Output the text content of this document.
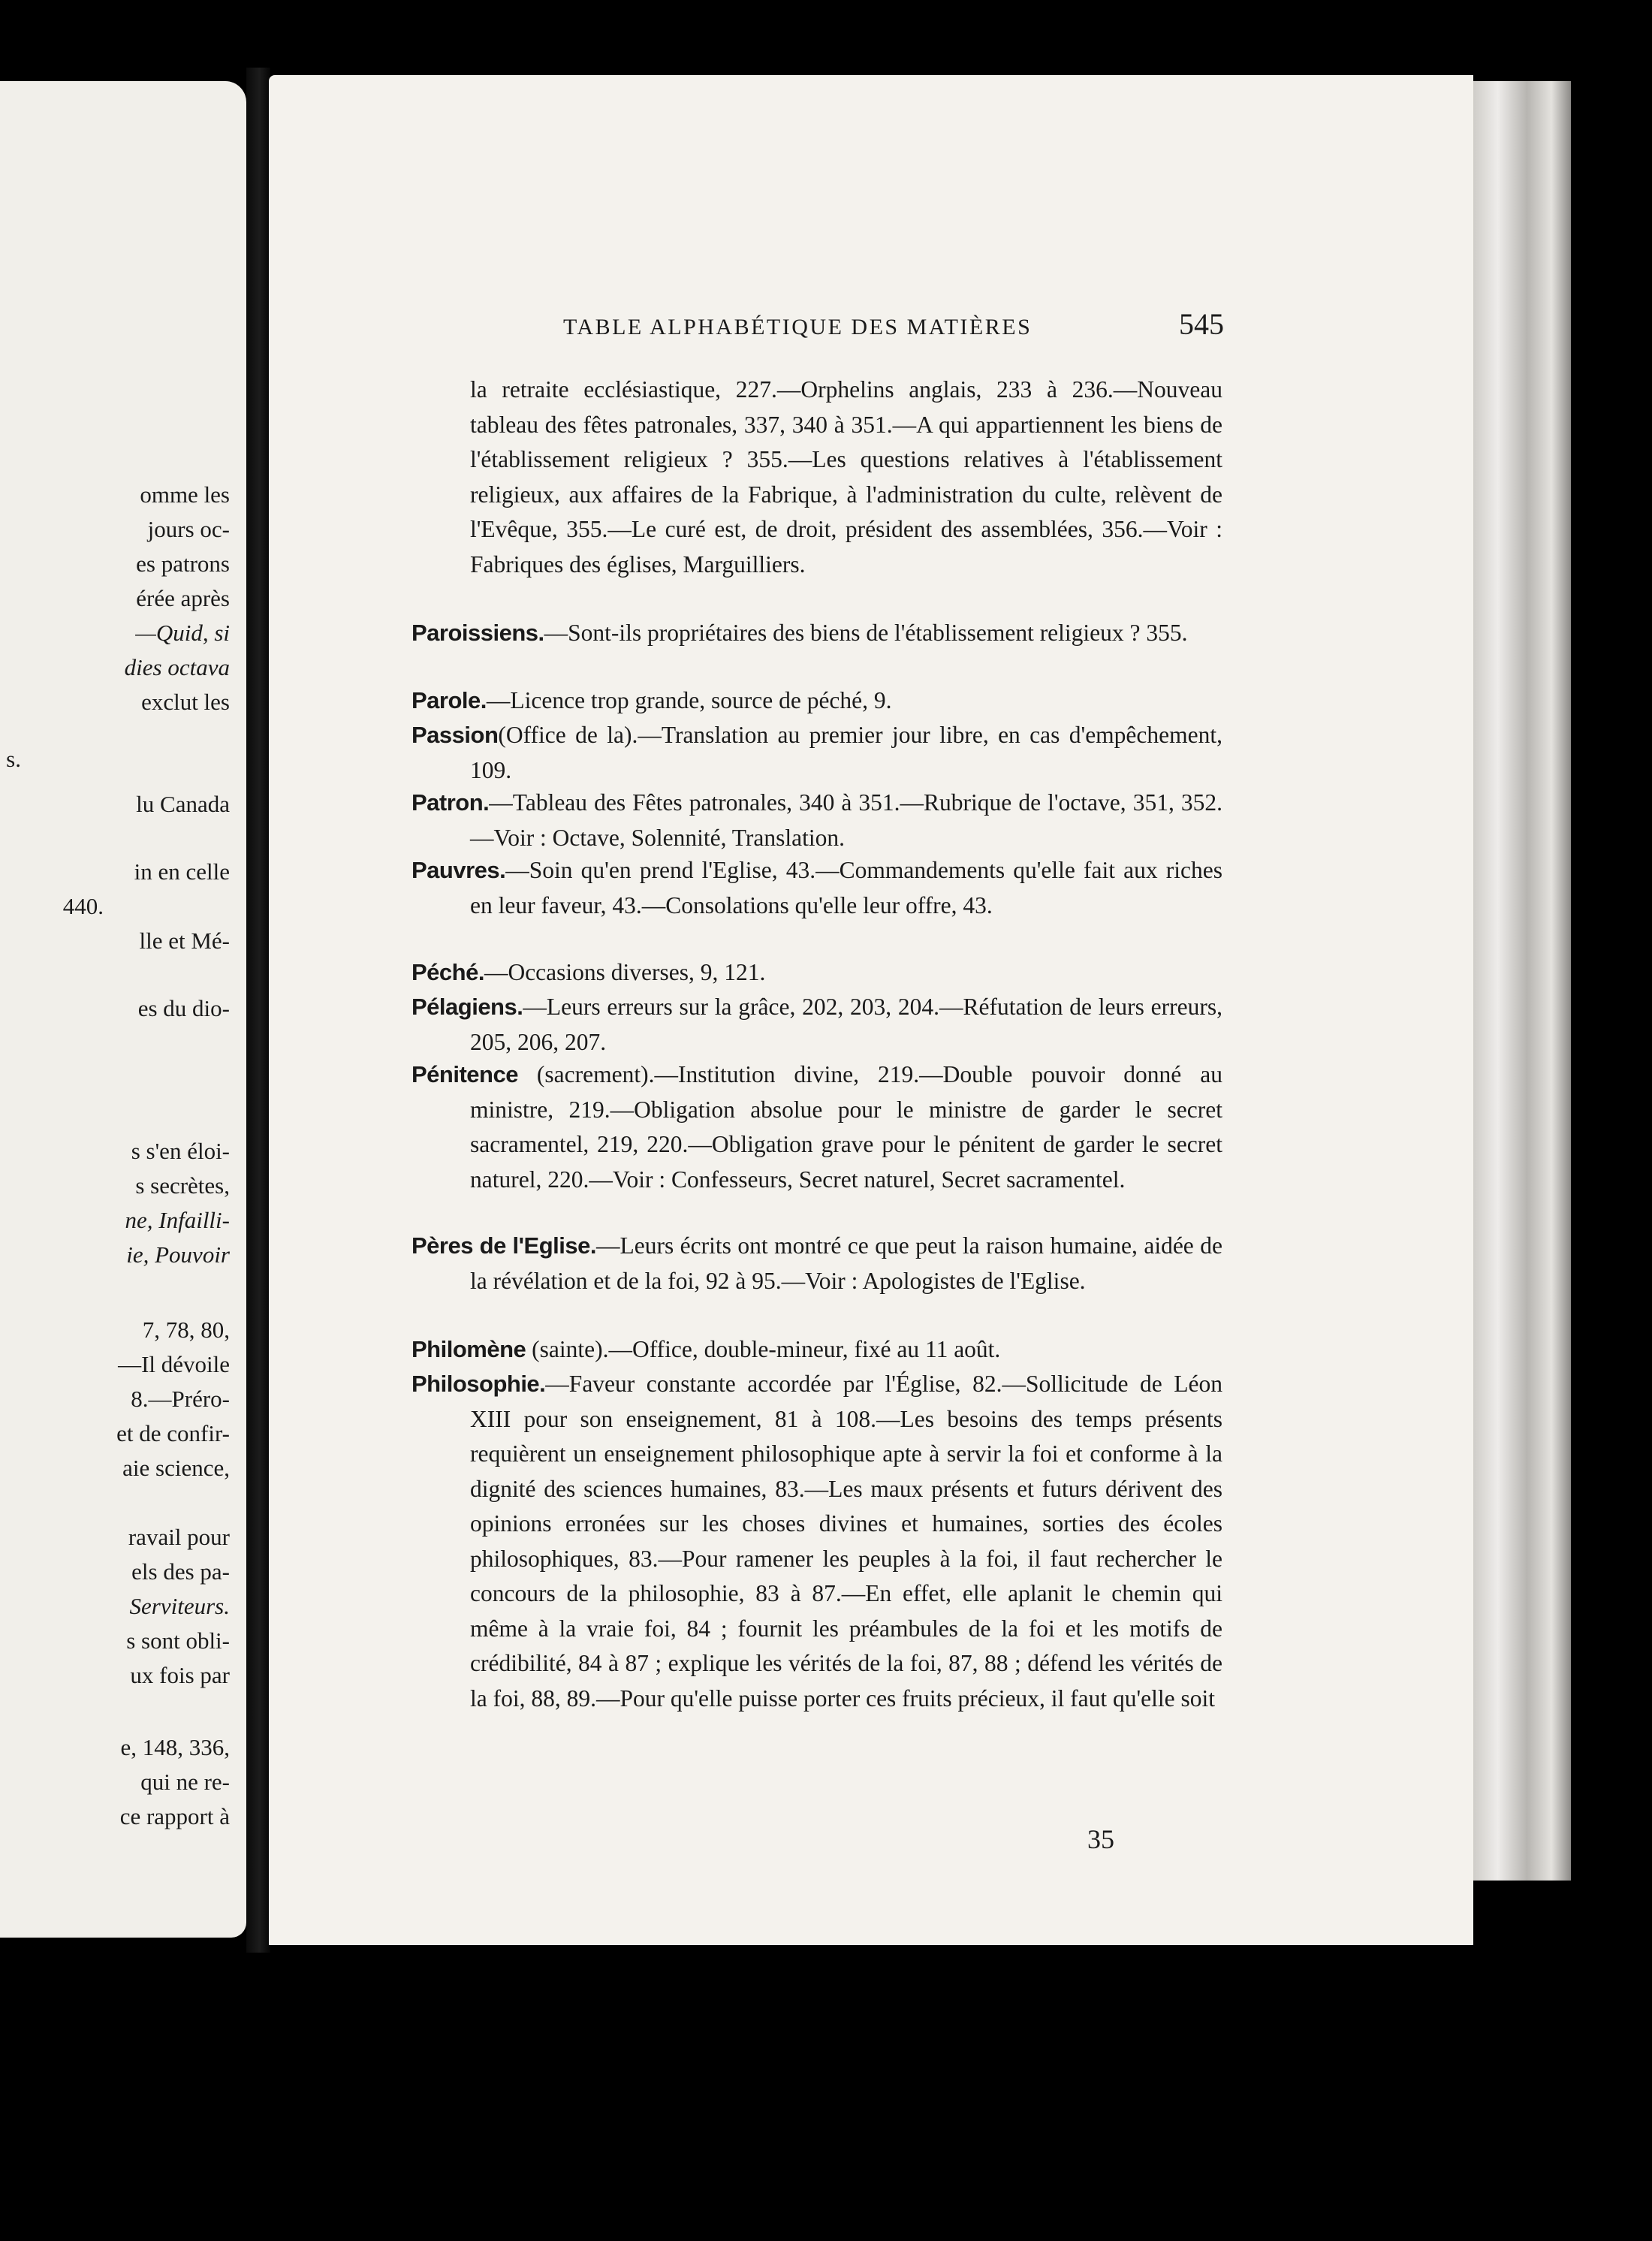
omme les
jours oc-
es patrons
érée après
—Quid, si
dies octava
exclut les
s.
lu Canada
in en celle
440.
lle et Mé-
es du dio-
s s'en éloi-
s secrètes,
ne, Infailli-
ie, Pouvoir
7, 78, 80,
—Il dévoile
8.—Préro-
et de confir-
aie science,
ravail pour
els des pa-
Serviteurs.
s sont obli-
ux fois par
e, 148, 336,
qui ne re-
ce rapport à
TABLE ALPHABÉTIQUE DES MATIÈRES	545
la retraite ecclésiastique, 227.—Orphelins anglais, 233 à 236.—Nouveau tableau des fêtes patronales, 337, 340 à 351.—A qui appartiennent les biens de l'établissement religieux ? 355.—Les questions relatives à l'établissement religieux, aux affaires de la Fabrique, à l'administration du culte, relèvent de l'Evêque, 355.—Le curé est, de droit, président des assemblées, 356.—Voir : Fabriques des églises, Marguilliers.
Paroissiens.—Sont-ils propriétaires des biens de l'établissement religieux ? 355.
Parole.—Licence trop grande, source de péché, 9.
Passion(Office de la).—Translation au premier jour libre, en cas d'empêchement, 109.
Patron.—Tableau des Fêtes patronales, 340 à 351.—Rubrique de l'octave, 351, 352.—Voir : Octave, Solennité, Translation.
Pauvres.—Soin qu'en prend l'Eglise, 43.—Commandements qu'elle fait aux riches en leur faveur, 43.—Consolations qu'elle leur offre, 43.
Péché.—Occasions diverses, 9, 121.
Pélagiens.—Leurs erreurs sur la grâce, 202, 203, 204.—Réfutation de leurs erreurs, 205, 206, 207.
Pénitence (sacrement).—Institution divine, 219.—Double pouvoir donné au ministre, 219.—Obligation absolue pour le ministre de garder le secret sacramentel, 219, 220.—Obligation grave pour le pénitent de garder le secret naturel, 220.—Voir : Confesseurs, Secret naturel, Secret sacramentel.
Pères de l'Eglise.—Leurs écrits ont montré ce que peut la raison humaine, aidée de la révélation et de la foi, 92 à 95.—Voir : Apologistes de l'Eglise.
Philomène (sainte).—Office, double-mineur, fixé au 11 août.
Philosophie.—Faveur constante accordée par l'Église, 82.—Sollicitude de Léon XIII pour son enseignement, 81 à 108.—Les besoins des temps présents requièrent un enseignement philosophique apte à servir la foi et conforme à la dignité des sciences humaines, 83.—Les maux présents et futurs dérivent des opinions erronées sur les choses divines et humaines, sorties des écoles philosophiques, 83.—Pour ramener les peuples à la foi, il faut rechercher le concours de la philosophie, 83 à 87.—En effet, elle aplanit le chemin qui même à la vraie foi, 84 ; fournit les préambules de la foi et les motifs de crédibilité, 84 à 87 ; explique les vérités de la foi, 87, 88 ; défend les vérités de la foi, 88, 89.—Pour qu'elle puisse porter ces fruits précieux, il faut qu'elle soit
35
